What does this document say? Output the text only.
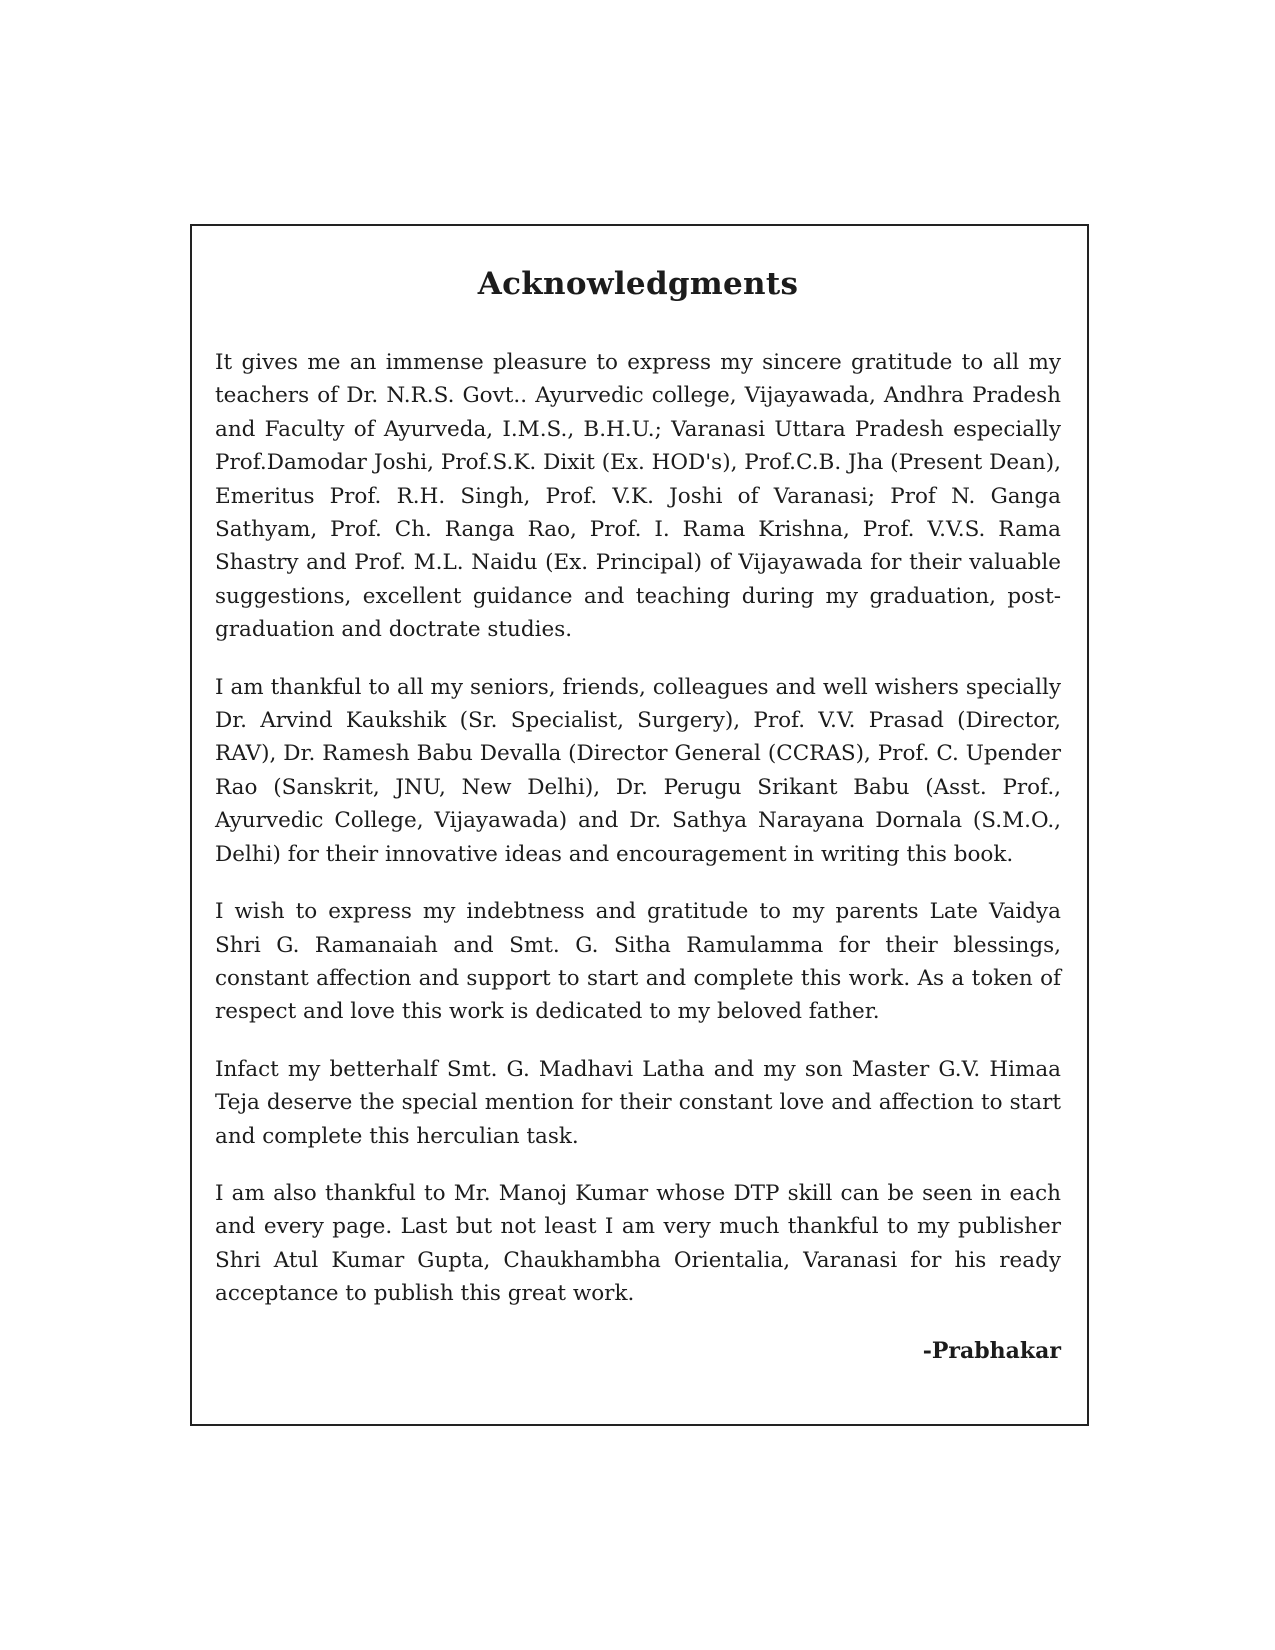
Acknowledgments

It gives me an immense pleasure to express my sincere gratitude to all my teachers of Dr. N.R.S. Govt.. Ayurvedic college, Vijayawada, Andhra Pradesh and Faculty of Ayurveda, I.M.S., B.H.U.; Varanasi Uttara Pradesh especially Prof.Damodar Joshi, Prof.S.K. Dixit (Ex. HOD's), Prof.C.B. Jha (Present Dean), Emeritus Prof. R.H. Singh, Prof. V.K. Joshi of Varanasi; Prof N. Ganga Sathyam, Prof. Ch. Ranga Rao, Prof. I. Rama Krishna, Prof. V.V.S. Rama Shastry and Prof. M.L. Naidu (Ex. Principal) of Vijayawada for their valuable suggestions, excellent guidance and teaching during my graduation, post-graduation and doctrate studies.

I am thankful to all my seniors, friends, colleagues and well wishers specially Dr. Arvind Kaukshik (Sr. Specialist, Surgery), Prof. V.V. Prasad (Director, RAV), Dr. Ramesh Babu Devalla (Director General (CCRAS), Prof. C. Upender Rao (Sanskrit, JNU, New Delhi), Dr. Perugu Srikant Babu (Asst. Prof., Ayurvedic College, Vijayawada) and Dr. Sathya Narayana Dornala (S.M.O., Delhi) for their innovative ideas and encouragement in writing this book.

I wish to express my indebtness and gratitude to my parents Late Vaidya Shri G. Ramanaiah and Smt. G. Sitha Ramulamma for their blessings, constant affection and support to start and complete this work. As a token of respect and love this work is dedicated to my beloved father.

Infact my betterhalf Smt. G. Madhavi Latha and my son Master G.V. Himaa Teja deserve the special mention for their constant love and affection to start and complete this herculian task.

I am also thankful to Mr. Manoj Kumar whose DTP skill can be seen in each and every page. Last but not least I am very much thankful to my publisher Shri Atul Kumar Gupta, Chaukhambha Orientalia, Varanasi for his ready acceptance to publish this great work.

-Prabhakar
